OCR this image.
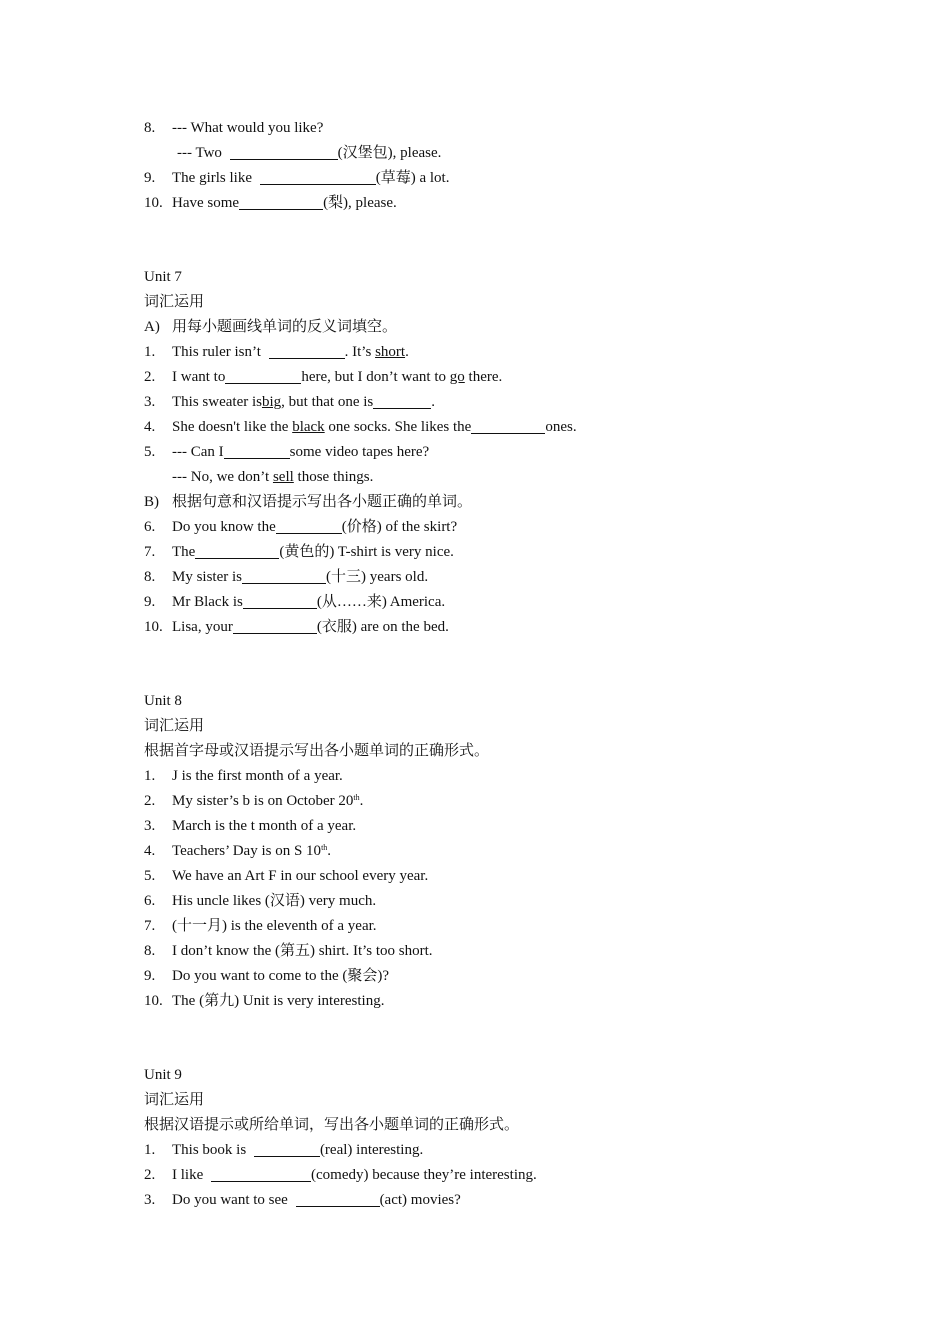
8. --- What would you like?
--- Two	(汉堡包), please.
9. The girls like	(草莓) a lot.
10. Have some	(梨), please.
Unit 7
词汇运用
A) 用每小题画线单词的反义词填空。
1. This ruler isn’t	. It’s short.
2. I want to	here, but I don’t want to go there.
3. This sweater isbig, but that one is	.
4. She doesn't like the black one socks. She likes the	ones.
5. --- Can I	some video tapes here?
--- No, we don’t sell those things.
B) 根据句意和汉语提示写出各小题正确的单词。
6. Do you know the	(价格) of the skirt?
7. The	(黄色的) T-shirt is very nice.
8. My sister is	(十三) years old.
9. Mr Black is	(从……来) America.
10. Lisa, your	(衣服) are on the bed.
Unit 8
词汇运用
根据首字母或汉语提示写出各小题单词的正确形式。
1. J is the first month of a year.
2. My sister’s b is on October 20th.
3. March is the t month of a year.
4. Teachers’ Day is on S 10th.
5. We have an Art F in our school every year.
6. His uncle likes (汉语) very much.
7. (十一月) is the eleventh of a year.
8. I don’t know the (第五) shirt. It’s too short.
9. Do you want to come to the (聚会)?
10. The (第九) Unit is very interesting.
Unit 9
词汇运用
根据汉语提示或所给单词，写出各小题单词的正确形式。
1. This book is	(real) interesting.
2. I like	(comedy) because they’re interesting.
3. Do you want to see	(act) movies?
